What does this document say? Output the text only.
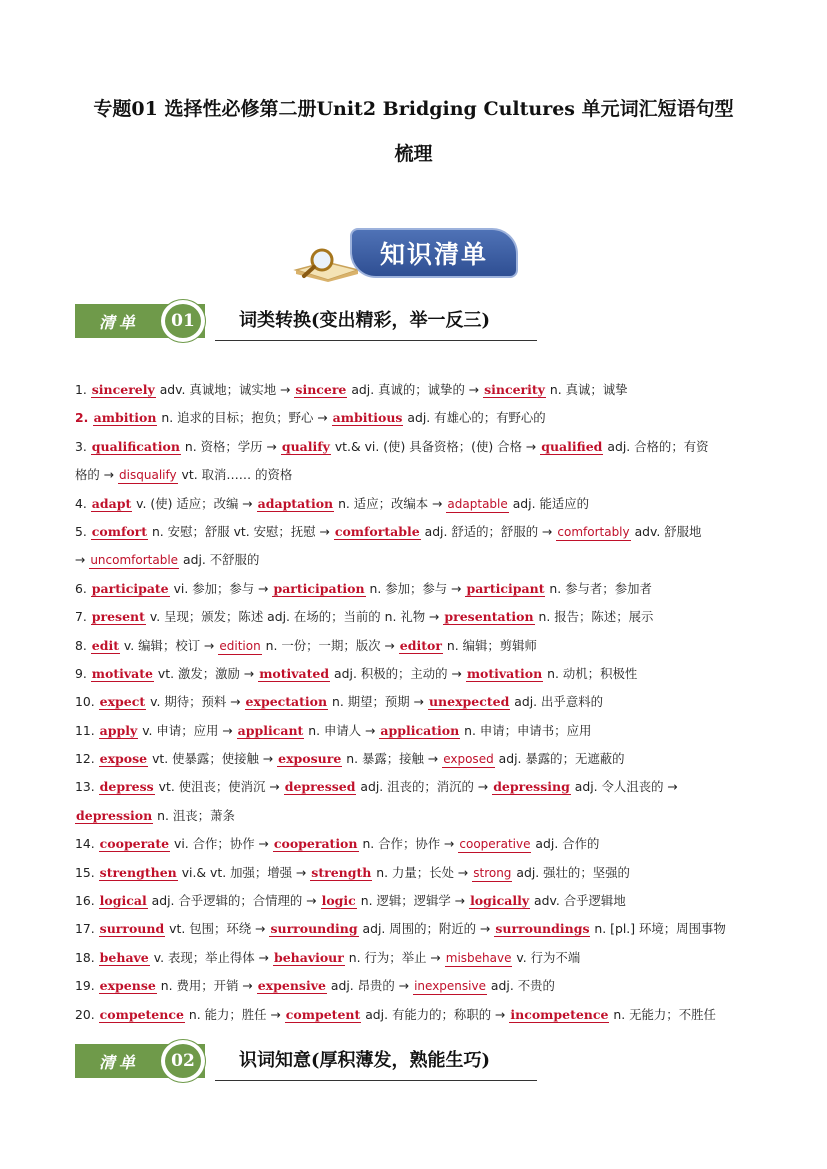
专题01 选择性必修第二册Unit2 Bridging Cultures 单元词汇短语句型
梳理
知识清单
清单 01 词类转换(变出精彩，举一反三)
1. sincerely adv. 真诚地；诚实地 → sincere adj. 真诚的；诚挚的 → sincerity n. 真诚；诚挚
2. ambition n. 追求的目标；抱负；野心 → ambitious adj. 有雄心的；有野心的
3. qualification n. 资格；学历 → qualify vt.& vi. (使) 具备资格；(使) 合格 → qualified adj. 合格的；有资
格的 → disqualify vt. 取消…… 的资格
4. adapt v. (使) 适应；改编 → adaptation n. 适应；改编本 → adaptable adj. 能适应的
5. comfort n. 安慰；舒服 vt. 安慰；抚慰 → comfortable adj. 舒适的；舒服的 → comfortably adv. 舒服地
→ uncomfortable adj. 不舒服的
6. participate vi. 参加；参与 → participation n. 参加；参与 → participant n. 参与者；参加者
7. present v. 呈现；颁发；陈述 adj. 在场的；当前的 n. 礼物 → presentation n. 报告；陈述；展示
8. edit v. 编辑；校订 → edition n. 一份；一期；版次 → editor n. 编辑；剪辑师
9. motivate vt. 激发；激励 → motivated adj. 积极的；主动的 → motivation n. 动机；积极性
10. expect v. 期待；预料 → expectation n. 期望；预期 → unexpected adj. 出乎意料的
11. apply v. 申请；应用 → applicant n. 申请人 → application n. 申请；申请书；应用
12. expose vt. 使暴露；使接触 → exposure n. 暴露；接触 → exposed adj. 暴露的；无遮蔽的
13. depress vt. 使沮丧；使消沉 → depressed adj. 沮丧的；消沉的 → depressing adj. 令人沮丧的 →
depression n. 沮丧；萧条
14. cooperate vi. 合作；协作 → cooperation n. 合作；协作 → cooperative adj. 合作的
15. strengthen vi.& vt. 加强；增强 → strength n. 力量；长处 → strong adj. 强壮的；坚强的
16. logical adj. 合乎逻辑的；合情理的 → logic n. 逻辑；逻辑学 → logically adv. 合乎逻辑地
17. surround vt. 包围；环绕 → surrounding adj. 周围的；附近的 → surroundings n. [pl.] 环境；周围事物
18. behave v. 表现；举止得体 → behaviour n. 行为；举止 → misbehave v. 行为不端
19. expense n. 费用；开销 → expensive adj. 昂贵的 → inexpensive adj. 不贵的
20. competence n. 能力；胜任 → competent adj. 有能力的；称职的 → incompetence n. 无能力；不胜任
清单 02 识词知意(厚积薄发，熟能生巧)
